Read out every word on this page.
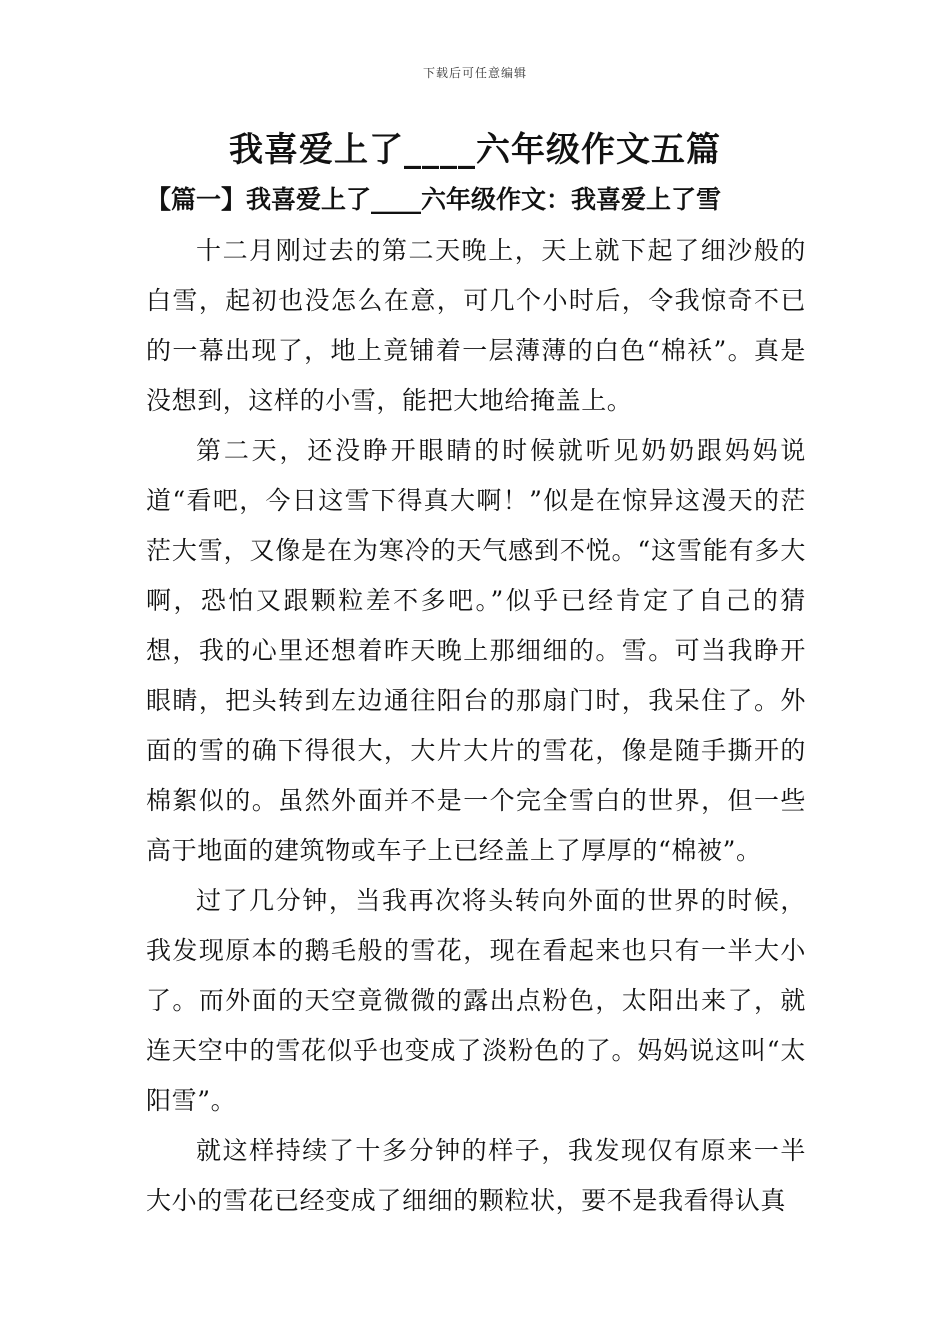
下载后可任意编辑
我喜爱上了____六年级作文五篇
【篇一】我喜爱上了____六年级作文：我喜爱上了雪

十二月刚过去的第二天晚上，天上就下起了细沙般的白雪，起初也没怎么在意，可几个小时后，令我惊奇不已的一幕出现了，地上竟铺着一层薄薄的白色“棉袄”。真是没想到，这样的小雪，能把大地给掩盖上。

第二天，还没睁开眼睛的时候就听见奶奶跟妈妈说道“看吧，今日这雪下得真大啊！”似是在惊异这漫天的茫茫大雪，又像是在为寒冷的天气感到不悦。“这雪能有多大啊，恐怕又跟颗粒差不多吧。”似乎已经肯定了自己的猜想，我的心里还想着昨天晚上那细细的。雪。可当我睁开眼睛，把头转到左边通往阳台的那扇门时，我呆住了。外面的雪的确下得很大，大片大片的雪花，像是随手撕开的棉絮似的。虽然外面并不是一个完全雪白的世界，但一些高于地面的建筑物或车子上已经盖上了厚厚的“棉被”。

过了几分钟，当我再次将头转向外面的世界的时候，我发现原本的鹅毛般的雪花，现在看起来也只有一半大小了。而外面的天空竟微微的露出点粉色，太阳出来了，就连天空中的雪花似乎也变成了淡粉色的了。妈妈说这叫“太阳雪”。

就这样持续了十多分钟的样子，我发现仅有原来一半大小的雪花已经变成了细细的颗粒状，要不是我看得认真
